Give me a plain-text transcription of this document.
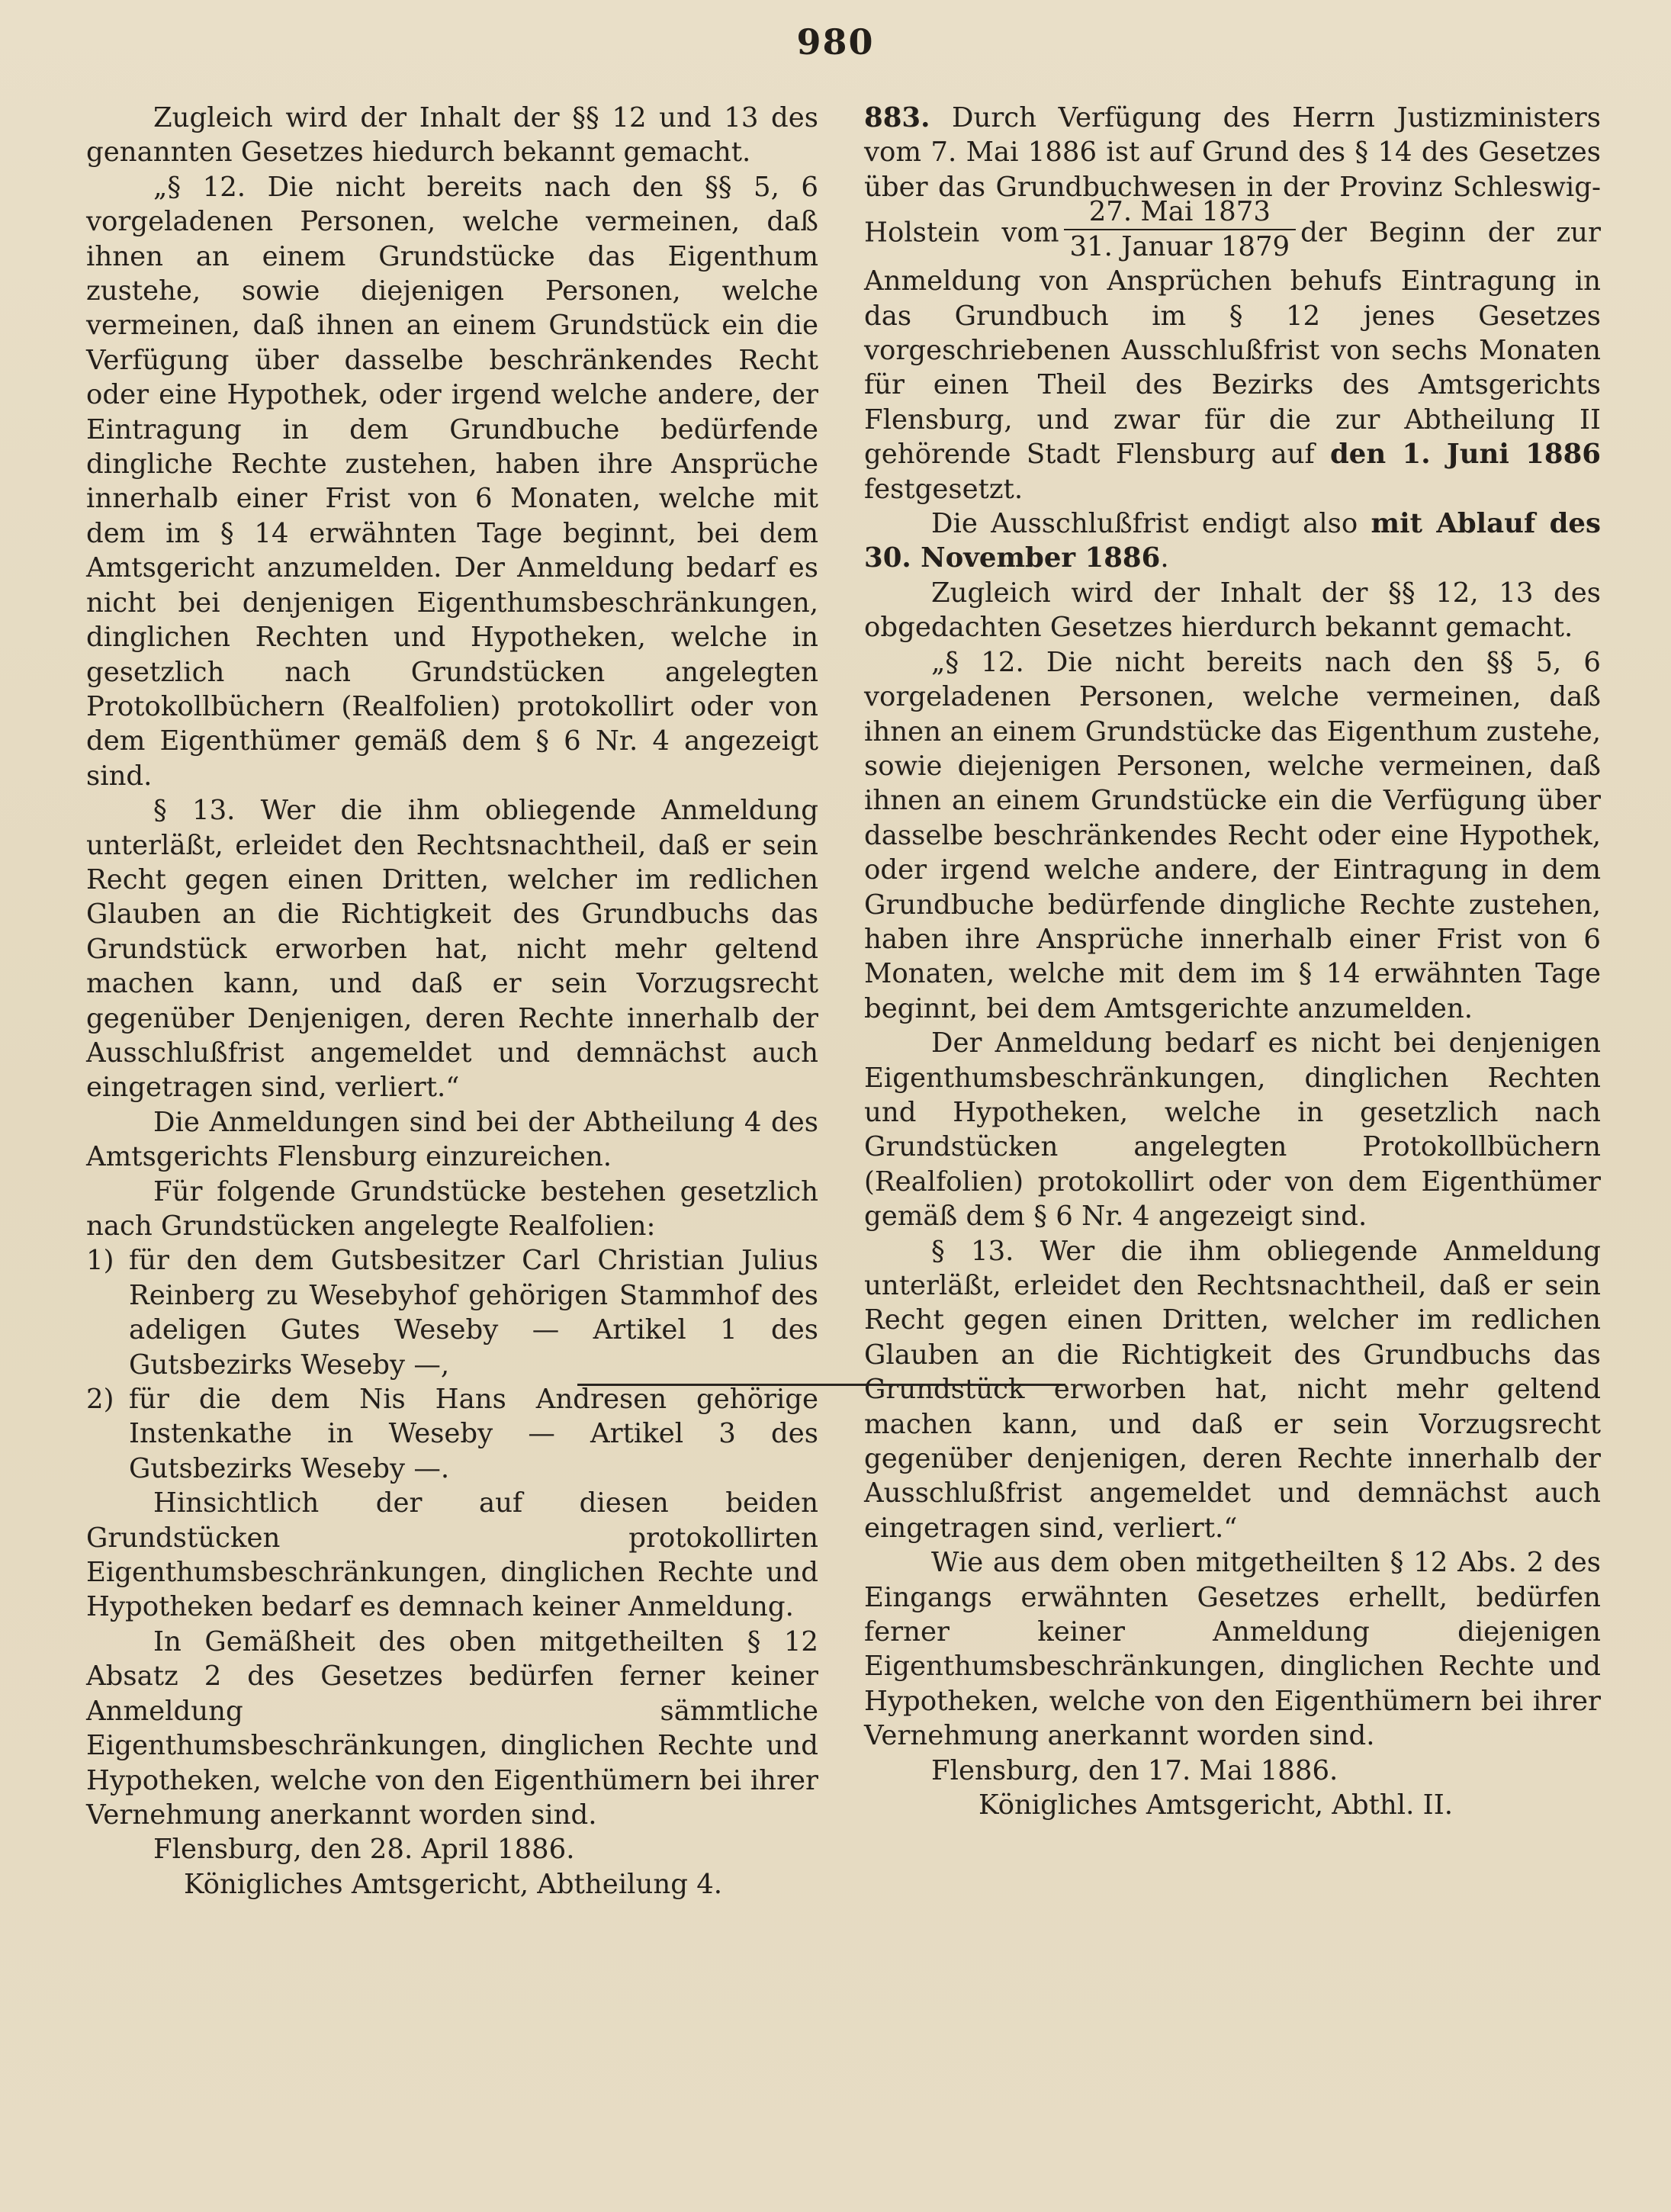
980

Zugleich wird der Inhalt der §§ 12 und 13 des genannten Gesetzes hiedurch bekannt gemacht.

„§ 12. Die nicht bereits nach den §§ 5, 6 vorgeladenen Personen, welche vermeinen, daß ihnen an einem Grundstücke das Eigenthum zustehe, sowie diejenigen Personen, welche vermeinen, daß ihnen an einem Grundstück ein die Verfügung über dasselbe beschränkendes Recht oder eine Hypothek, oder irgend welche andere, der Eintragung in dem Grundbuche bedürfende dingliche Rechte zustehen, haben ihre Ansprüche innerhalb einer Frist von 6 Monaten, welche mit dem im § 14 erwähnten Tage beginnt, bei dem Amtsgericht anzumelden. Der Anmeldung bedarf es nicht bei denjenigen Eigenthumsbeschränkungen, dinglichen Rechten und Hypotheken, welche in gesetzlich nach Grundstücken angelegten Protokollbüchern (Realfolien) protokollirt oder von dem Eigenthümer gemäß dem § 6 Nr. 4 angezeigt sind.

§ 13. Wer die ihm obliegende Anmeldung unterläßt, erleidet den Rechtsnachtheil, daß er sein Recht gegen einen Dritten, welcher im redlichen Glauben an die Richtigkeit des Grundbuchs das Grundstück erworben hat, nicht mehr geltend machen kann, und daß er sein Vorzugsrecht gegenüber Denjenigen, deren Rechte innerhalb der Ausschlußfrist angemeldet und demnächst auch eingetragen sind, verliert.“

Die Anmeldungen sind bei der Abtheilung 4 des Amtsgerichts Flensburg einzureichen.

Für folgende Grundstücke bestehen gesetzlich nach Grundstücken angelegte Realfolien:

1) für den dem Gutsbesitzer Carl Christian Julius Reinberg zu Wesebyhof gehörigen Stammhof des adeligen Gutes Weseby — Artikel 1 des Gutsbezirks Weseby —,

2) für die dem Nis Hans Andresen gehörige Instenkathe in Weseby — Artikel 3 des Gutsbezirks Weseby —.

Hinsichtlich der auf diesen beiden Grundstücken protokollirten Eigenthumsbeschränkungen, dinglichen Rechte und Hypotheken bedarf es demnach keiner Anmeldung.

In Gemäßheit des oben mitgetheilten § 12 Absatz 2 des Gesetzes bedürfen ferner keiner Anmeldung sämmtliche Eigenthumsbeschränkungen, dinglichen Rechte und Hypotheken, welche von den Eigenthümern bei ihrer Vernehmung anerkannt worden sind.

Flensburg, den 28. April 1886.

Königliches Amtsgericht, Abtheilung 4.

883. Durch Verfügung des Herrn Justizministers vom 7. Mai 1886 ist auf Grund des § 14 des Gesetzes über das Grundbuchwesen in der Provinz Schleswig-Holstein vom $\frac{\text{27. Mai 1873}}{\text{31. Januar 1879}}$ der Beginn der zur Anmeldung von Ansprüchen behufs Eintragung in das Grundbuch im § 12 jenes Gesetzes vorgeschriebenen Ausschlußfrist von sechs Monaten für einen Theil des Bezirks des Amtsgerichts Flensburg, und zwar für die zur Abtheilung II gehörende Stadt Flensburg auf den 1. Juni 1886 festgesetzt.

Die Ausschlußfrist endigt also mit Ablauf des 30. November 1886.

Zugleich wird der Inhalt der §§ 12, 13 des obgedachten Gesetzes hierdurch bekannt gemacht.

„§ 12. Die nicht bereits nach den §§ 5, 6 vorgeladenen Personen, welche vermeinen, daß ihnen an einem Grundstücke das Eigenthum zustehe, sowie diejenigen Personen, welche vermeinen, daß ihnen an einem Grundstücke ein die Verfügung über dasselbe beschränkendes Recht oder eine Hypothek, oder irgend welche andere, der Eintragung in dem Grundbuche bedürfende dingliche Rechte zustehen, haben ihre Ansprüche innerhalb einer Frist von 6 Monaten, welche mit dem im § 14 erwähnten Tage beginnt, bei dem Amtsgerichte anzumelden.

Der Anmeldung bedarf es nicht bei denjenigen Eigenthumsbeschränkungen, dinglichen Rechten und Hypotheken, welche in gesetzlich nach Grundstücken angelegten Protokollbüchern (Realfolien) protokollirt oder von dem Eigenthümer gemäß dem § 6 Nr. 4 angezeigt sind.

§ 13. Wer die ihm obliegende Anmeldung unterläßt, erleidet den Rechtsnachtheil, daß er sein Recht gegen einen Dritten, welcher im redlichen Glauben an die Richtigkeit des Grundbuchs das Grundstück erworben hat, nicht mehr geltend machen kann, und daß er sein Vorzugsrecht gegenüber denjenigen, deren Rechte innerhalb der Ausschlußfrist angemeldet und demnächst auch eingetragen sind, verliert.“

Wie aus dem oben mitgetheilten § 12 Abs. 2 des Eingangs erwähnten Gesetzes erhellt, bedürfen ferner keiner Anmeldung diejenigen Eigenthumsbeschränkungen, dinglichen Rechte und Hypotheken, welche von den Eigenthümern bei ihrer Vernehmung anerkannt worden sind.

Flensburg, den 17. Mai 1886.

Königliches Amtsgericht, Abthl. II.
